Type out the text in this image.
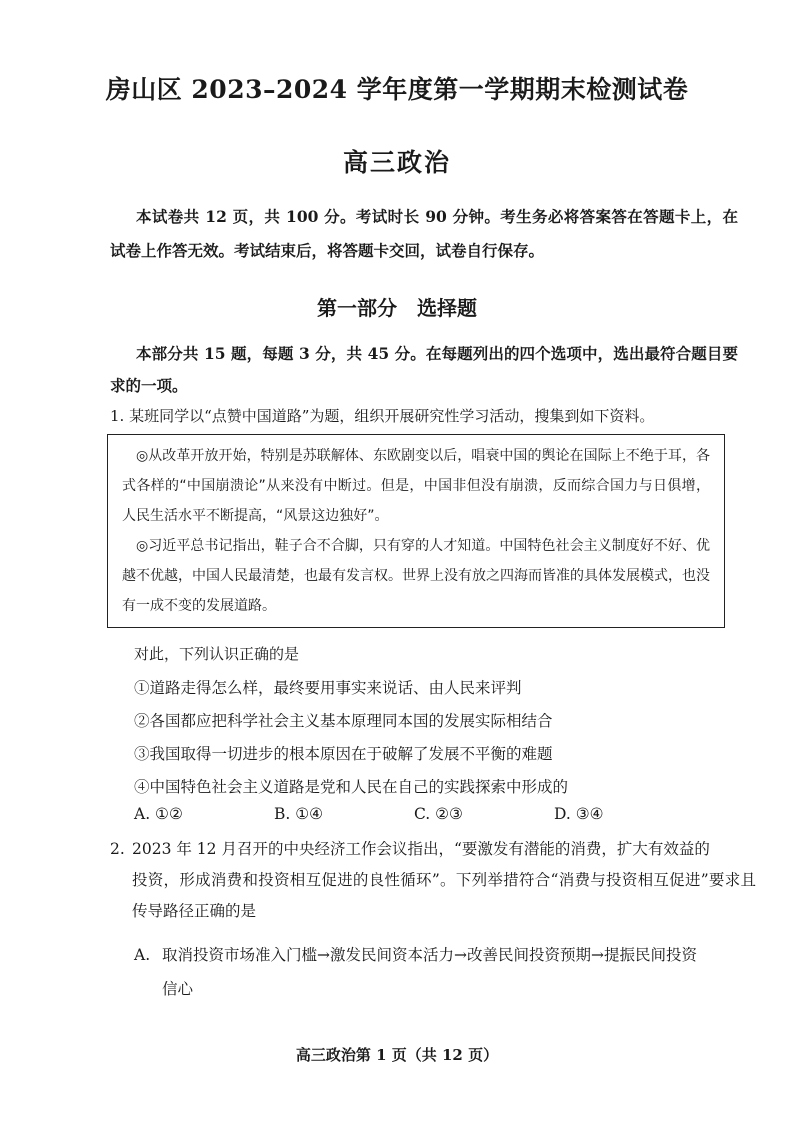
房山区 2023–2024 学年度第一学期期末检测试卷
高三政治
本试卷共 12 页，共 100 分。考试时长 90 分钟。考生务必将答案答在答题卡上，在试卷上作答无效。考试结束后，将答题卡交回，试卷自行保存。
第一部分　选择题
本部分共 15 题，每题 3 分，共 45 分。在每题列出的四个选项中，选出最符合题目要求的一项。
1. 某班同学以“点赞中国道路”为题，组织开展研究性学习活动，搜集到如下资料。

◎从改革开放开始，特别是苏联解体、东欧剧变以后，唱衰中国的舆论在国际上不绝于耳，各式各样的“中国崩溃论”从来没有中断过。但是，中国非但没有崩溃，反而综合国力与日俱增，人民生活水平不断提高，“风景这边独好”。

◎习近平总书记指出，鞋子合不合脚，只有穿的人才知道。中国特色社会主义制度好不好、优越不优越，中国人民最清楚，也最有发言权。世界上没有放之四海而皆准的具体发展模式，也没有一成不变的发展道路。

对此，下列认识正确的是
①道路走得怎么样，最终要用事实来说话、由人民来评判
②各国都应把科学社会主义基本原理同本国的发展实际相结合
③我国取得一切进步的根本原因在于破解了发展不平衡的难题
④中国特色社会主义道路是党和人民在自己的实践探索中形成的
A. ①②	B. ①④	C. ②③	D. ③④
2. 2023 年 12 月召开的中央经济工作会议指出，“要激发有潜能的消费，扩大有效益的
投资，形成消费和投资相互促进的良性循环”。下列举措符合“消费与投资相互促进”要求且传导路径正确的是
A. 取消投资市场准入门槛→激发民间资本活力→改善民间投资预期→提振民间投资
信心
高三政治第 1 页（共 12 页）
